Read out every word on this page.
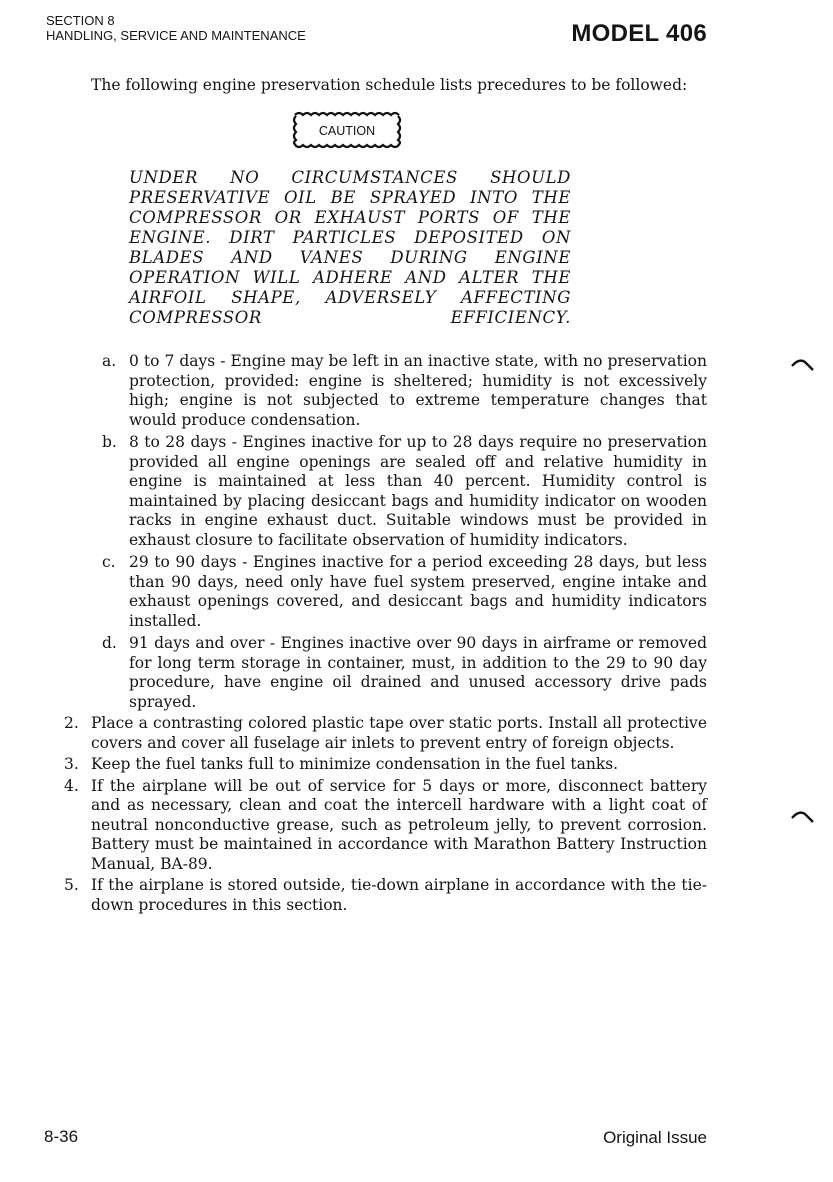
SECTION 8
HANDLING, SERVICE AND MAINTENANCE	MODEL 406

The following engine preservation schedule lists precedures to be followed:

CAUTION
UNDER NO CIRCUMSTANCES SHOULD PRESERVATIVE OIL BE SPRAYED INTO THE COMPRESSOR OR EXHAUST PORTS OF THE ENGINE. DIRT PARTICLES DEPOSITED ON BLADES AND VANES DURING ENGINE OPERATION WILL ADHERE AND ALTER THE AIRFOIL SHAPE, ADVERSELY AFFECTING COMPRESSOR EFFICIENCY.
a. 0 to 7 days - Engine may be left in an inactive state, with no preservation protection, provided: engine is sheltered; humidity is not excessively high; engine is not subjected to extreme temperature changes that would produce condensation.
b. 8 to 28 days - Engines inactive for up to 28 days require no preservation provided all engine openings are sealed off and relative humidity in engine is maintained at less than 40 percent. Humidity control is maintained by placing desiccant bags and humidity indicator on wooden racks in engine exhaust duct. Suitable windows must be provided in exhaust closure to facilitate observation of humidity indicators.
c. 29 to 90 days - Engines inactive for a period exceeding 28 days, but less than 90 days, need only have fuel system preserved, engine intake and exhaust openings covered, and desiccant bags and humidity indicators installed.
d. 91 days and over - Engines inactive over 90 days in airframe or removed for long term storage in container, must, in addition to the 29 to 90 day procedure, have engine oil drained and unused accessory drive pads sprayed.
2. Place a contrasting colored plastic tape over static ports. Install all protective covers and cover all fuselage air inlets to prevent entry of foreign objects.
3. Keep the fuel tanks full to minimize condensation in the fuel tanks.
4. If the airplane will be out of service for 5 days or more, disconnect battery and as necessary, clean and coat the intercell hardware with a light coat of neutral nonconductive grease, such as petroleum jelly, to prevent corrosion. Battery must be maintained in accordance with Marathon Battery Instruction Manual, BA-89.
5. If the airplane is stored outside, tie-down airplane in accordance with the tie-down procedures in this section.
8-36	Original Issue
